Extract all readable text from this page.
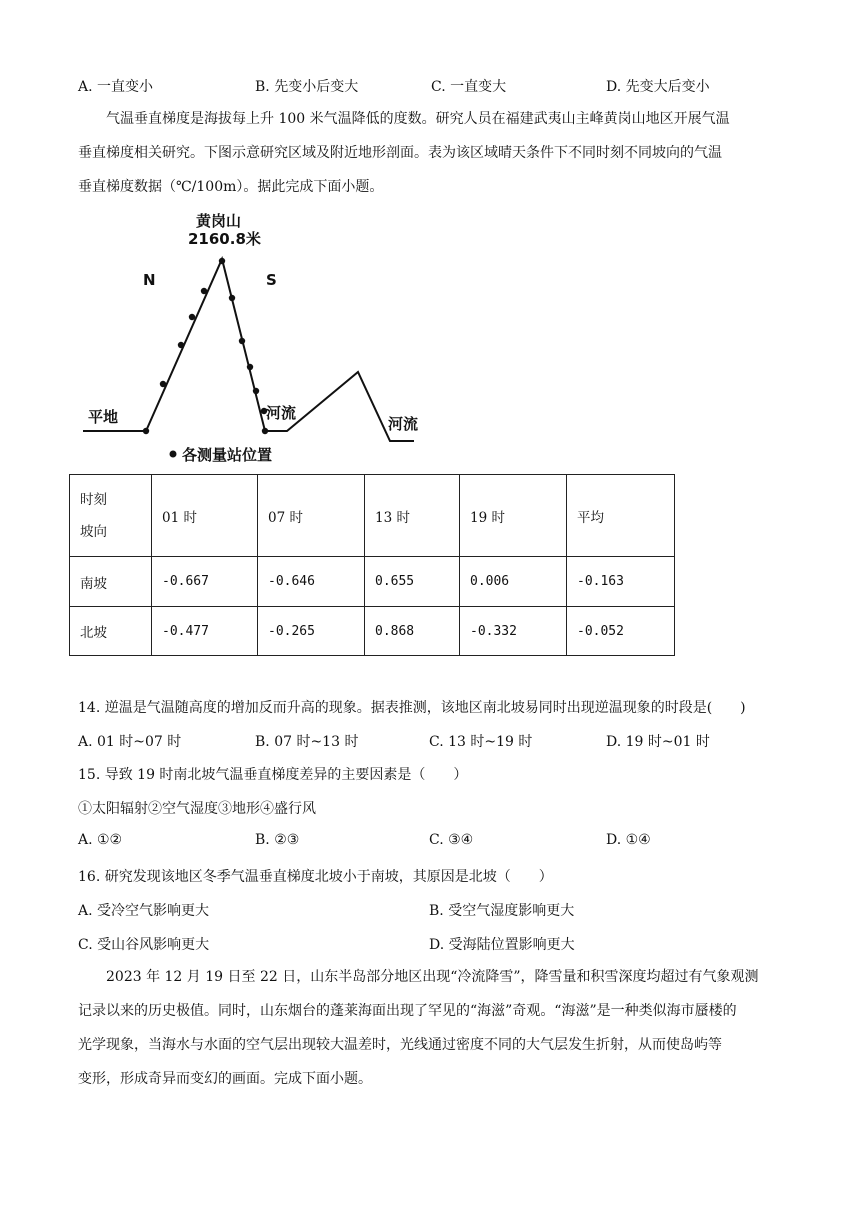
A. 一直变小	B. 先变小后变大	C. 一直变大	D. 先变大后变小

气温垂直梯度是海拔每上升 100 米气温降低的度数。研究人员在福建武夷山主峰黄岗山地区开展气温

垂直梯度相关研究。下图示意研究区域及附近地形剖面。表为该区域晴天条件下不同时刻不同坡向的气温

垂直梯度数据（℃/100m）。据此完成下面小题。

黄岗山
2160.8米
N	S
平地	河流
河流
各测量站位置
时刻
坡向	01 时	07 时	13 时	19 时	平均
南坡	-0.667	-0.646	0.655	0.006	-0.163
北坡	-0.477	-0.265	0.868	-0.332	-0.052
14. 逆温是气温随高度的增加反而升高的现象。据表推测，该地区南北坡易同时出现逆温现象的时段是(　　)
A. 01 时~07 时	B. 07 时~13 时	C. 13 时~19 时	D. 19 时~01 时
15. 导致 19 时南北坡气温垂直梯度差异的主要因素是（　　）
①太阳辐射②空气湿度③地形④盛行风
A. ①②	B. ②③	C. ③④	D. ①④
16. 研究发现该地区冬季气温垂直梯度北坡小于南坡，其原因是北坡（　　）
A. 受冷空气影响更大	B. 受空气湿度影响更大
C. 受山谷风影响更大	D. 受海陆位置影响更大

2023 年 12 月 19 日至 22 日，山东半岛部分地区出现“冷流降雪”，降雪量和积雪深度均超过有气象观测

记录以来的历史极值。同时，山东烟台的蓬莱海面出现了罕见的“海滋”奇观。“海滋”是一种类似海市蜃楼的

光学现象，当海水与水面的空气层出现较大温差时，光线通过密度不同的大气层发生折射，从而使岛屿等

变形，形成奇异而变幻的画面。完成下面小题。
